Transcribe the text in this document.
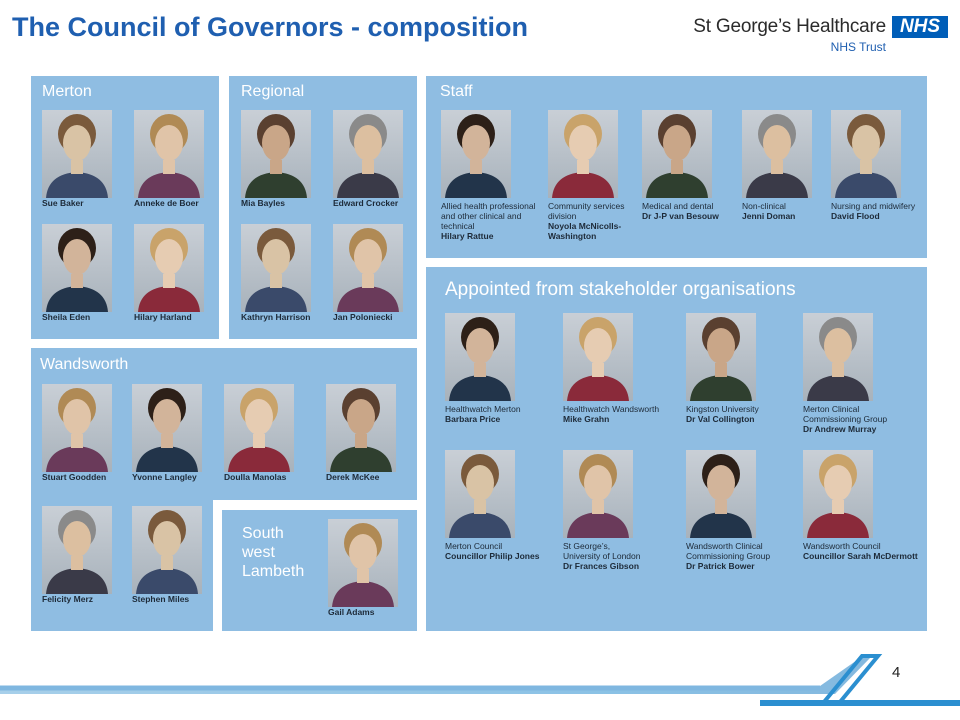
The Council of Governors - composition	St George’s Healthcare
NHS Trust
NHS
Merton	Regional	Staff
Wandsworth
South
west
Lambeth
Appointed from stakeholder organisations
Sue Baker	Anneke de Boer
Sheila Eden	Hilary Harland
Mia Bayles	Edward Crocker
Kathryn Harrison	Jan Poloniecki
Allied health professional and other clinical and technical
Hilary Rattue
Community services division
Noyola McNicolls-Washington
Medical and dental
Dr J-P van Besouw
Non-clinical
Jenni Doman
Nursing and midwifery
David Flood
Stuart Goodden	Yvonne Langley	Doulla Manolas	Derek McKee
Felicity Merz	Stephen Miles
Gail Adams
Healthwatch Merton
Barbara Price
Healthwatch Wandsworth
Mike Grahn
Kingston University
Dr Val Collington
Merton Clinical Commissioning Group
Dr Andrew Murray
Merton Council
Councillor Philip Jones
St George’s, University of London
Dr Frances Gibson
Wandsworth Clinical Commissioning Group
Dr Patrick Bower
Wandsworth Council
Councillor Sarah McDermott
4
